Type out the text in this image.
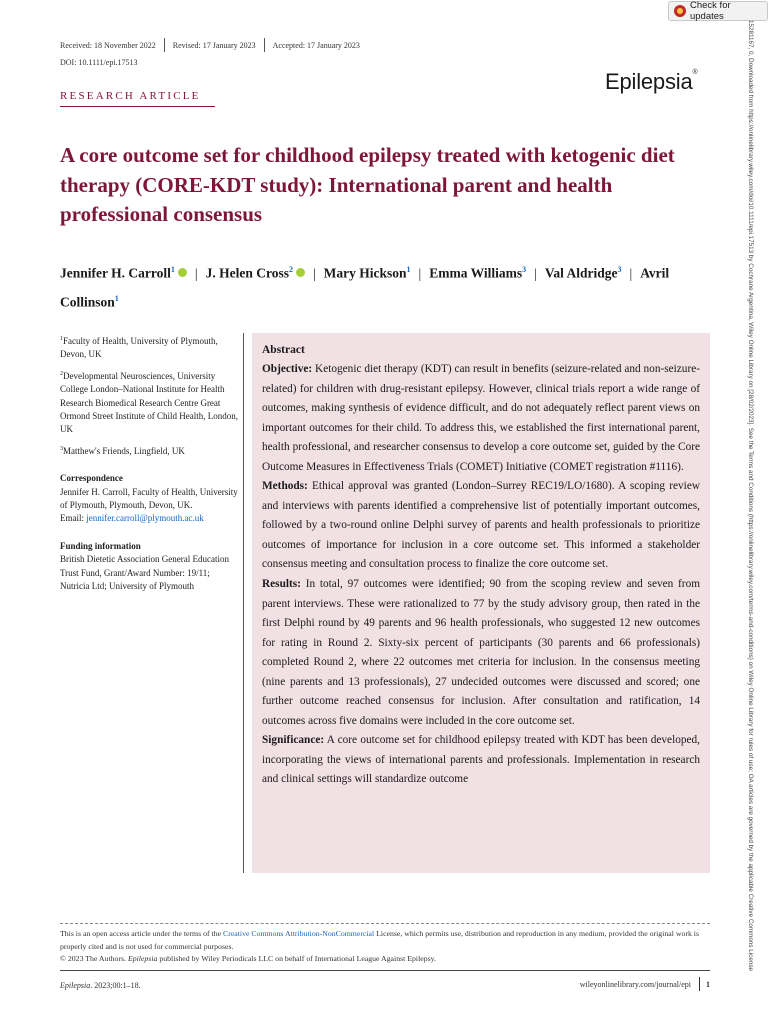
Check for updates
15281167, 0, Downloaded from https://onlinelibrary.wiley.com/doi/10.1111/epi.17513 by Cochrane Argentina, Wiley Online Library on [28/02/2023]. See the Terms and Conditions (https://onlinelibrary.wiley.com/terms-and-conditions) on Wiley Online Library for rules of use; OA articles are governed by the applicable Creative Commons License
Received: 18 November 2022 Revised: 17 January 2023 Accepted: 17 January 2023
DOI: 10.1111/epi.17513
Epilepsia®
RESEARCH ARTICLE
A core outcome set for childhood epilepsy treated with ketogenic diet therapy (CORE-KDT study): International parent and health professional consensus

Jennifer H. Carroll$^1$ | J. Helen Cross$^2$ | Mary Hickson$^1$ | Emma Williams$^3$ | Val Aldridge$^3$ | Avril Collinson$^1$

$^1$Faculty of Health, University of Plymouth, Devon, UK

$^2$Developmental Neurosciences, University College London–National Institute for Health Research Biomedical Research Centre Great Ormond Street Institute of Child Health, London, UK

$^3$Matthew's Friends, Lingfield, UK

Correspondence

Jennifer H. Carroll, Faculty of Health, University of Plymouth, Plymouth, Devon, UK.
Email: jennifer.carroll@plymouth.ac.uk

Funding information

British Dietetic Association General Education Trust Fund, Grant/Award Number: 19/11; Nutricia Ltd; University of Plymouth

Abstract

Objective: Ketogenic diet therapy (KDT) can result in benefits (seizure-related and non-seizure-related) for children with drug-resistant epilepsy. However, clinical trials report a wide range of outcomes, making synthesis of evidence difficult, and do not adequately reflect parent views on important outcomes for their child. To address this, we established the first international parent, health professional, and researcher consensus to develop a core outcome set, guided by the Core Outcome Measures in Effectiveness Trials (COMET) Initiative (COMET registration #1116).

Methods: Ethical approval was granted (London–Surrey REC19/LO/1680). A scoping review and interviews with parents identified a comprehensive list of potentially important outcomes, followed by a two-round online Delphi survey of parents and health professionals to prioritize outcomes of importance for inclusion in a core outcome set. This informed a stakeholder consensus meeting and consultation process to finalize the core outcome set.

Results: In total, 97 outcomes were identified; 90 from the scoping review and seven from parent interviews. These were rationalized to 77 by the study advisory group, then rated in the first Delphi round by 49 parents and 96 health professionals, who suggested 12 new outcomes for rating in Round 2. Sixty-six percent of participants (30 parents and 66 professionals) completed Round 2, where 22 outcomes met criteria for inclusion. In the consensus meeting (nine parents and 13 professionals), 27 undecided outcomes were discussed and scored; one further outcome reached consensus for inclusion. After consultation and ratification, 14 outcomes across five domains were included in the core outcome set.

Significance: A core outcome set for childhood epilepsy treated with KDT has been developed, incorporating the views of international parents and professionals. Implementation in research and clinical settings will standardize outcome

This is an open access article under the terms of the Creative Commons Attribution-NonCommercial License, which permits use, distribution and reproduction in any medium, provided the original work is properly cited and is not used for commercial purposes.
© 2023 The Authors. Epilepsia published by Wiley Periodicals LLC on behalf of International League Against Epilepsy.

Epilepsia. 2023;00:1–18.	wileyonlinelibrary.com/journal/epi 1
